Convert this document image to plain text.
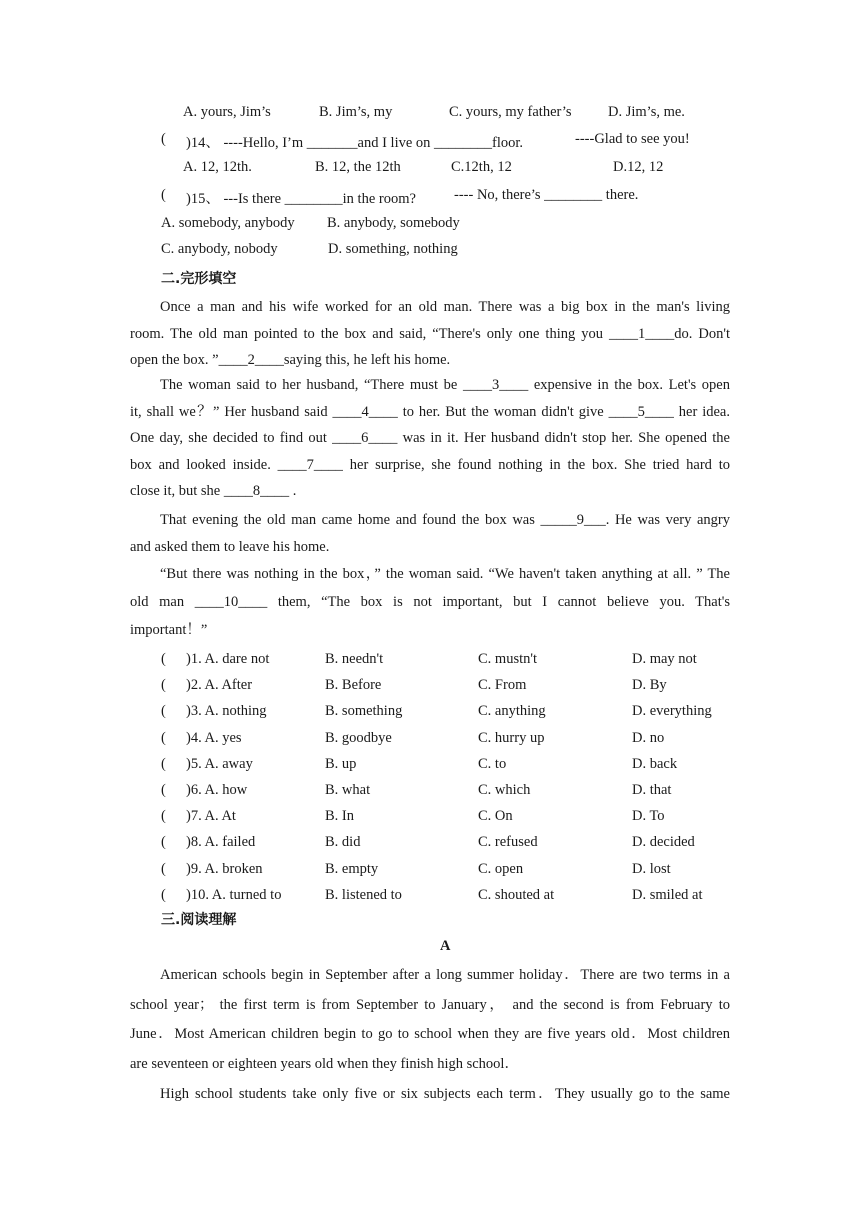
A. yours, Jim’s	B. Jim’s, my	C. yours, my father’s	D. Jim’s, me.
( )14、 ----Hello, I’m _______and I live on ________floor.	----Glad to see you!
A. 12, 12th.	B. 12, the 12th	C.12th, 12	D.12, 12
( )15、 ---Is there ________in the room?	---- No, there’s ________ there.
A. somebody, anybody B. anybody, somebody
C. anybody, nobody	D. something, nothing
二.完形填空
Once a man and his wife worked for an old man. There was a big box in the man's living
room. The old man pointed to the box and said, “There's only one thing you ____1____do. Don't
open the box. ”____2____saying this, he left his home.
The woman said to her husband, “There must be ____3____ expensive in the box. Let's open
it, shall we？” Her husband said ____4____ to her. But the woman didn't give ____5____ her idea.
One day, she decided to find out ____6____ was in it. Her husband didn't stop her. She opened the
box and looked inside. ____7____ her surprise, she found nothing in the box. She tried hard to
close it, but she ____8____ .
That evening the old man came home and found the box was _____9___. He was very angry
and asked them to leave his home.
“But there was nothing in the box，” the woman said. “We haven't taken anything at all. ” The
old man ____10____ them, “The box is not important, but I cannot believe you. That's
important！”
( )1. A. dare not	B. needn't	C. mustn't	D. may not
( )2. A. After	B. Before	C. From	D. By
( )3. A. nothing	B. something	C. anything	D. everything
( )4. A. yes	B. goodbye	C. hurry up	D. no
( )5. A. away	B. up	C. to	D. back
( )6. A. how	B. what	C. which	D. that
( )7. A. At	B. In	C. On	D. To
( )8. A. failed	B. did	C. refused	D. decided
( )9. A. broken	B. empty	C. open	D. lost
( )10. A. turned to	B. listened to	C. shouted at	D. smiled at
三.阅读理解
A
American schools begin in September after a long summer holiday．There are two terms in a
school year； the first term is from September to January， and the second is from February to
June．Most American children begin to go to school when they are five years old．Most children
are seventeen or eighteen years old when they finish high school．
High school students take only five or six subjects each term．They usually go to the same
